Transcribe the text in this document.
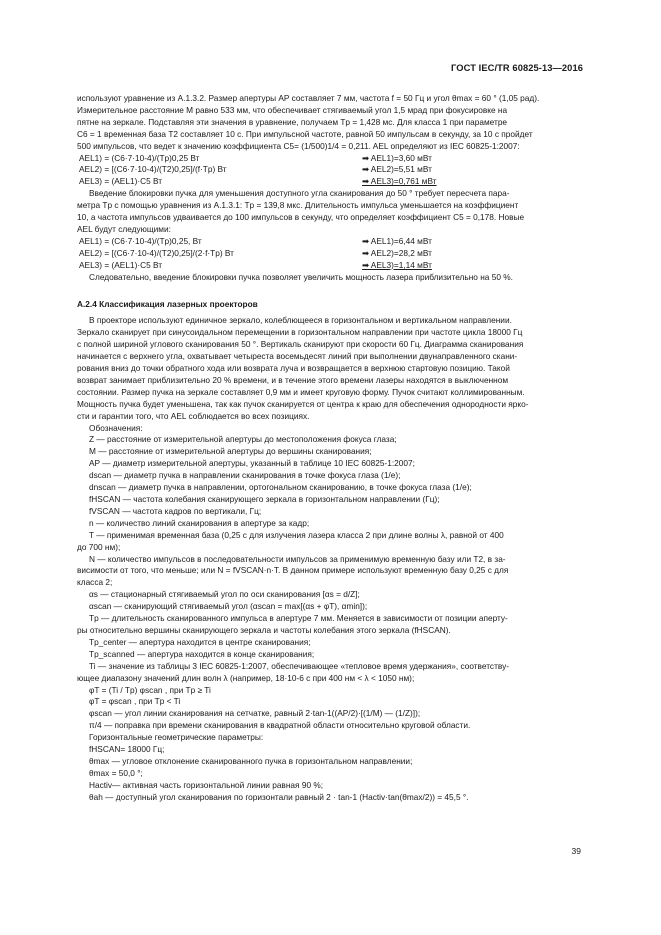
ГОСТ IEC/TR 60825-13—2016

используют уравнение из А.1.3.2. Размер апертуры AP составляет 7 мм, частота f = 50 Гц и угол θmax = 60 ° (1,05 рад).

Измерительное расстояние М равно 533 мм, что обеспечивает стягиваемый угол 1,5 мрад при фокусировке на

пятне на зеркале. Подставляя эти значения в уравнение, получаем Tp = 1,428 мс. Для класса 1 при параметре

C6 = 1 временная база T2 составляет 10 с. При импульсной частоте, равной 50 импульсам в секунду, за 10 с пройдет

500 импульсов, что ведет к значению коэффициента C5= (1/500)1/4 = 0,211. AEL определяют из IEC 60825-1:2007:

AEL1) = (C6·7·10-4)/(Tp)0,25 Вт	➡ AEL1)=3,60 мВт
AEL2) = [(C6·7·10-4)/(T2)0,25]/(f·Tp) Вт	➡ AEL2)=5,51 мВт
AEL3) = (AEL1)·C5 Вт	➡ AEL3)=0,761 мВт

Введение блокировки пучка для уменьшения доступного угла сканирования до 50 ° требует пересчета пара-

метра Tp с помощью уравнения из А.1.3.1: Tp = 139,8 мкс. Длительность импульса уменьшается на коэффициент

10, а частота импульсов удваивается до 100 импульсов в секунду, что определяет коэффициент C5 = 0,178. Новые

AEL будут следующими:

AEL1) = (C6·7·10-4)/(Tp)0,25, Вт	➡ AEL1)=6,44 мВт
AEL2) = [(C6·7·10-4)/(T2)0,25]/(2·f·Tp) Вт	➡ AEL2)=28,2 мВт
AEL3) = (AEL1)·C5 Вт	➡ AEL3)=1,14 мВт

Следовательно, введение блокировки пучка позволяет увеличить мощность лазера приблизительно на 50 %.

А.2.4 Классификация лазерных проекторов

В проекторе используют единичное зеркало, колеблющееся в горизонтальном и вертикальном направлении.

Зеркало сканирует при синусоидальном перемещении в горизонтальном направлении при частоте цикла 18000 Гц

с полной шириной углового сканирования 50 °. Вертикаль сканируют при скорости 60 Гц. Диаграмма сканирования

начинается с верхнего угла, охватывает четыреста восемьдесят линий при выполнении двунаправленного скани-

рования вниз до точки обратного хода или возврата луча и возвращается в верхнюю стартовую позицию. Такой

возврат занимает приблизительно 20 % времени, и в течение этого времени лазеры находятся в выключенном

состоянии. Размер пучка на зеркале составляет 0,9 мм и имеет круговую форму. Пучок считают коллимированным.

Мощность пучка будет уменьшена, так как пучок сканируется от центра к краю для обеспечения однородности ярко-

сти и гарантии того, что AEL соблюдается во всех позициях.

Обозначения:

Z — расстояние от измерительной апертуры до местоположения фокуса глаза;

M — расстояние от измерительной апертуры до вершины сканирования;

AP — диаметр измерительной апертуры, указанный в таблице 10 IEC 60825-1:2007;

dscan — диаметр пучка в направлении сканирования в точке фокуса глаза (1/e);

dnscan — диаметр пучка в направлении, ортогональном сканированию, в точке фокуса глаза (1/e);

fHSCAN — частота колебания сканирующего зеркала в горизонтальном направлении (Гц);

fVSCAN — частота кадров по вертикали, Гц;

n — количество линий сканирования в апертуре за кадр;

T — применимая временная база (0,25 с для излучения лазера класса 2 при длине волны λ, равной от 400

до 700 нм);

N — количество импульсов в последовательности импульсов за применимую временную базу или T2, в за-

висимости от того, что меньше; или N = fVSCAN·n·T. В данном примере используют временную базу 0,25 с для

класса 2;

αs — стационарный стягиваемый угол по оси сканирования [αs = d/Z];

αscan — сканирующий стягиваемый угол (αscan = max[(αs + φT), αmin]);

Tp — длительность сканированного импульса в апертуре 7 мм. Меняется в зависимости от позиции аперту-

ры относительно вершины сканирующего зеркала и частоты колебания этого зеркала (fHSCAN).

Tp_center — апертура находится в центре сканирования;

Tp_scanned — апертура находится в конце сканирования;

Ti — значение из таблицы 3 IEC 60825-1:2007, обеспечивающее «тепловое время удержания», соответству-

ющее диапазону значений длин волн λ (например, 18·10-6 с при 400 нм < λ < 1050 нм);

φT = (Ti / Tp) φscan , при Tp ≥ Ti

φT = φscan , при Tp < Ti

φscan — угол линии сканирования на сетчатке, равный 2·tan-1((AP/2)·[(1/M) — (1/Z)]);

π/4 — поправка при времени сканирования в квадратной области относительно круговой области.

Горизонтальные геометрические параметры:

fHSCAN= 18000 Гц;

θmax — угловое отклонение сканированного пучка в горизонтальном направлении;

θmax = 50,0 °;

Hactiv— активная часть горизонтальной линии равная 90 %;

θah — доступный угол сканирования по горизонтали равный 2 · tan-1 (Hactiv·tan(θmax/2)) = 45,5 °.

39
